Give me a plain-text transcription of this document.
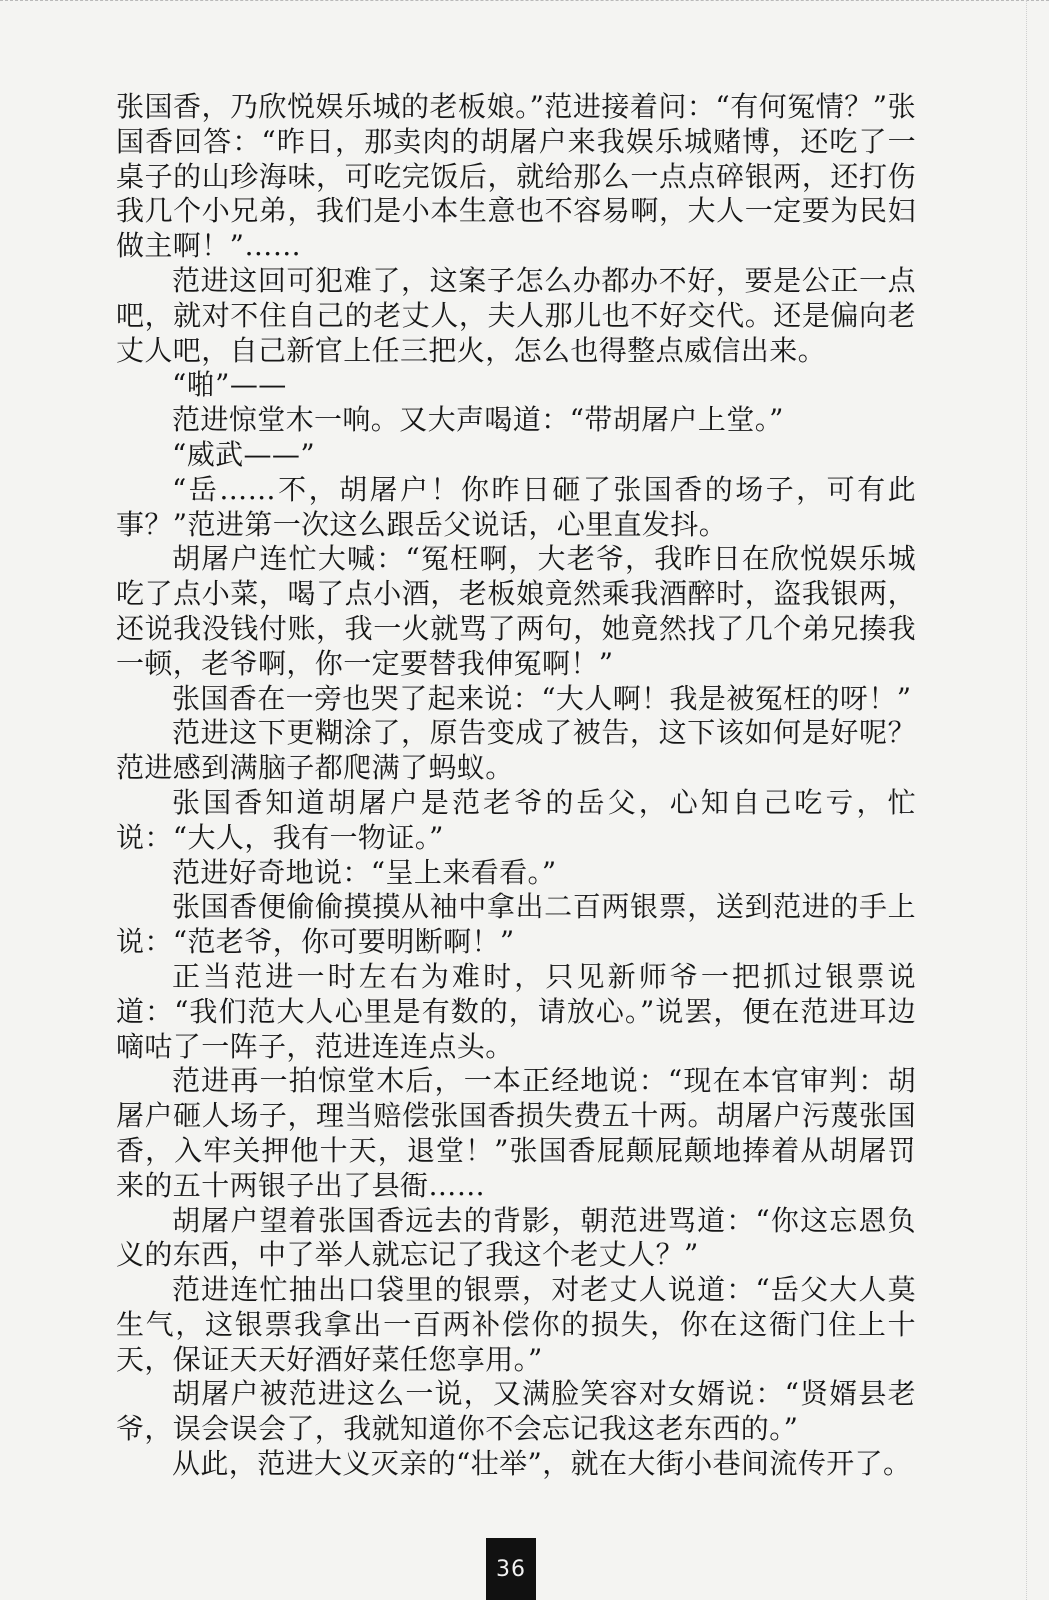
张国香，乃欣悦娱乐城的老板娘。”范进接着问：“有何冤情？”张国香回答：“昨日，那卖肉的胡屠户来我娱乐城赌博，还吃了一桌子的山珍海味，可吃完饭后，就给那么一点点碎银两，还打伤我几个小兄弟，我们是小本生意也不容易啊，大人一定要为民妇做主啊！”……

范进这回可犯难了，这案子怎么办都办不好，要是公正一点吧，就对不住自己的老丈人，夫人那儿也不好交代。还是偏向老丈人吧，自己新官上任三把火，怎么也得整点威信出来。

“啪”——

范进惊堂木一响。又大声喝道：“带胡屠户上堂。”

“威武——”

“岳……不，胡屠户！你昨日砸了张国香的场子，可有此事？”范进第一次这么跟岳父说话，心里直发抖。

胡屠户连忙大喊：“冤枉啊，大老爷，我昨日在欣悦娱乐城吃了点小菜，喝了点小酒，老板娘竟然乘我酒醉时，盗我银两，还说我没钱付账，我一火就骂了两句，她竟然找了几个弟兄揍我一顿，老爷啊，你一定要替我伸冤啊！”

张国香在一旁也哭了起来说：“大人啊！我是被冤枉的呀！”

范进这下更糊涂了，原告变成了被告，这下该如何是好呢？范进感到满脑子都爬满了蚂蚁。

张国香知道胡屠户是范老爷的岳父，心知自己吃亏，忙说：“大人，我有一物证。”

范进好奇地说：“呈上来看看。”

张国香便偷偷摸摸从袖中拿出二百两银票，送到范进的手上说：“范老爷，你可要明断啊！”

正当范进一时左右为难时，只见新师爷一把抓过银票说道：“我们范大人心里是有数的，请放心。”说罢，便在范进耳边嘀咕了一阵子，范进连连点头。

范进再一拍惊堂木后，一本正经地说：“现在本官审判：胡屠户砸人场子，理当赔偿张国香损失费五十两。胡屠户污蔑张国香，入牢关押他十天，退堂！”张国香屁颠屁颠地捧着从胡屠罚来的五十两银子出了县衙……

胡屠户望着张国香远去的背影，朝范进骂道：“你这忘恩负义的东西，中了举人就忘记了我这个老丈人？”

范进连忙抽出口袋里的银票，对老丈人说道：“岳父大人莫生气，这银票我拿出一百两补偿你的损失，你在这衙门住上十天，保证天天好酒好菜任您享用。”

胡屠户被范进这么一说，又满脸笑容对女婿说：“贤婿县老爷，误会误会了，我就知道你不会忘记我这老东西的。”

从此，范进大义灭亲的“壮举”，就在大街小巷间流传开了。

36
